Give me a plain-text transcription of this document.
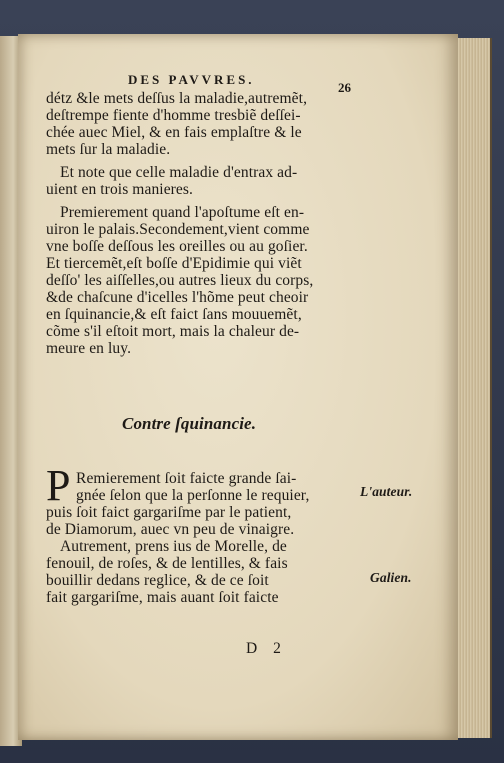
DES PAVVRES.
26
détz &le mets deſſus la maladie,autremẽt,
deſtrempe fiente d'homme tresbiẽ deſſei-
chée auec Miel, & en fais emplaſtre & le
mets ſur la maladie.
Et note que celle maladie d'entrax ad-
uient en trois manieres.
Premierement quand l'apoſtume eſt en-
uiron le palais.Secondement,vient comme
vne boſſe deſſous les oreilles ou au goſier.
Et tiercemẽt,eſt boſſe d'Epidimie qui viẽt
deſſo' les aiſſelles,ou autres lieux du corps,
&de chaſcune d'icelles l'hõme peut cheoir
en ſquinancie,& eſt faict ſans mouuemẽt,
cõme s'il eſtoit mort, mais la chaleur de-
meure en luy.
Contre ſquinancie.
P Remierement ſoit faicte grande ſai-
gnée ſelon que la perſonne le requier,
puis ſoit faict gargariſme par le patient,
de Diamorum, auec vn peu de vinaigre.
Autrement, prens ius de Morelle, de
fenouil, de roſes, & de lentilles, & fais
bouillir dedans reglice, & de ce ſoit
fait gargariſme, mais auant ſoit faicte
L'auteur.
Galien.
D 2
